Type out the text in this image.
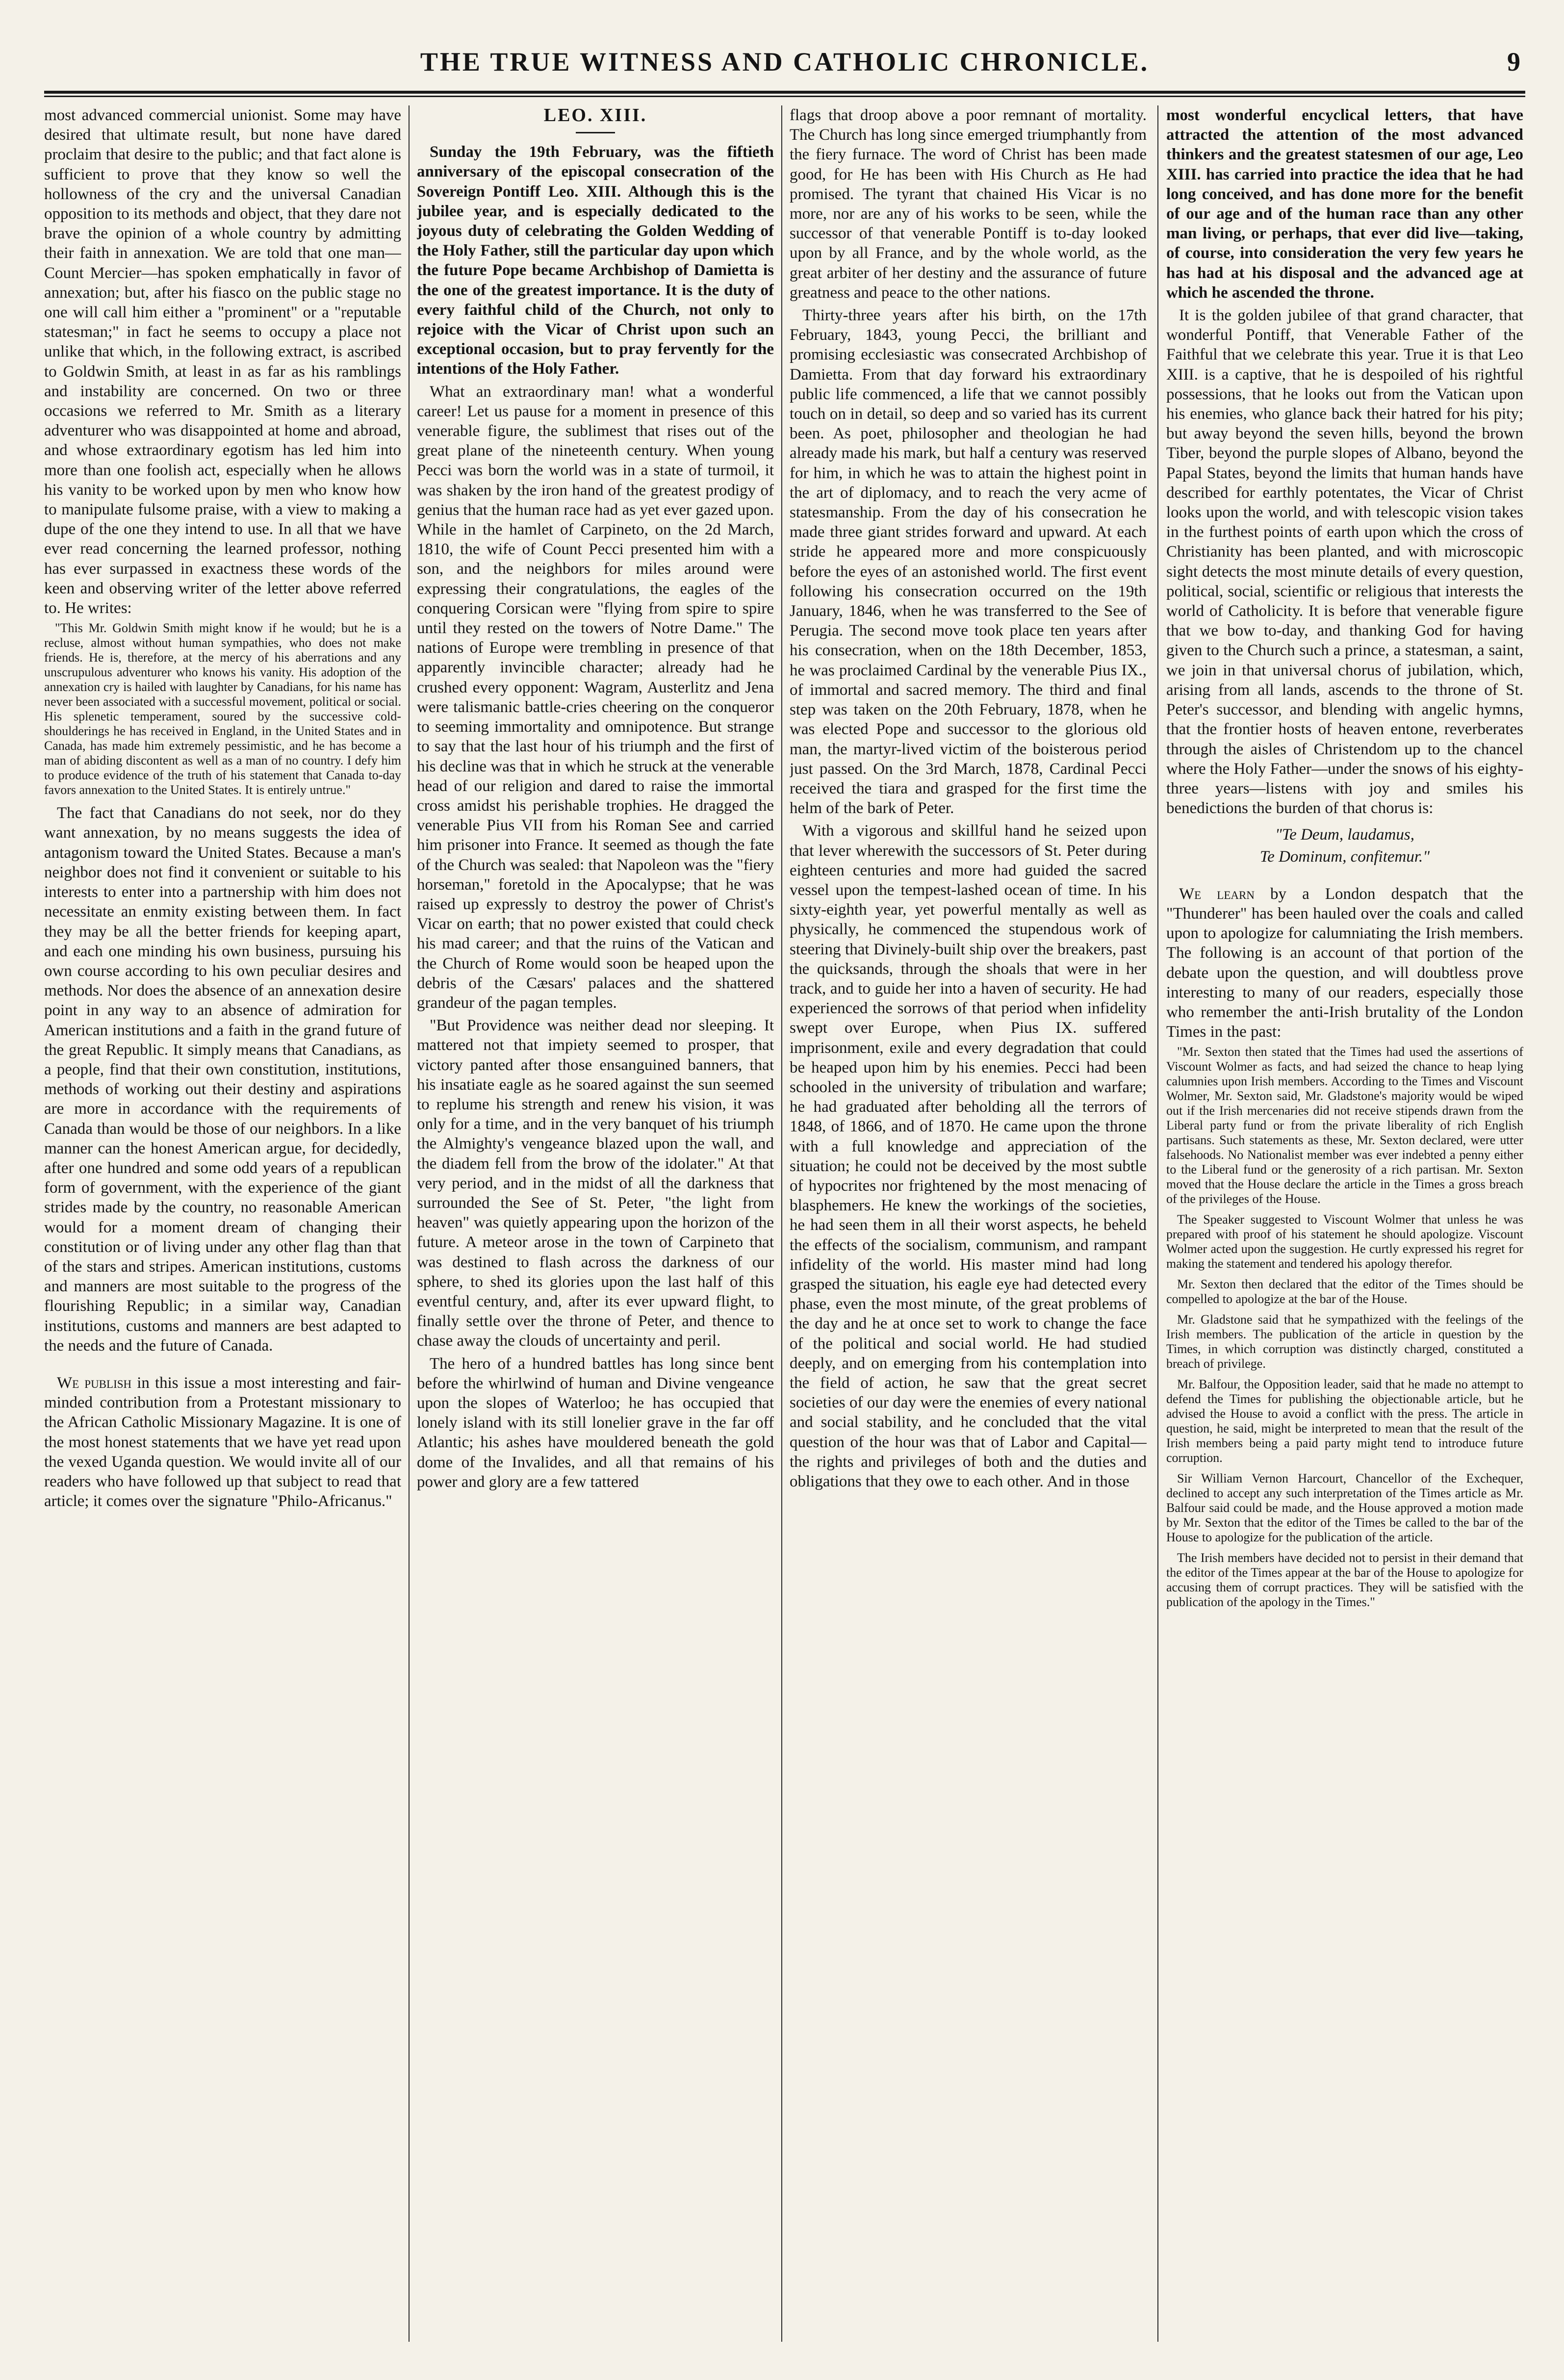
THE TRUE WITNESS AND CATHOLIC CHRONICLE.	9

most advanced commercial unionist. Some may have desired that ultimate result, but none have dared proclaim that desire to the public; and that fact alone is sufficient to prove that they know so well the hollowness of the cry and the universal Canadian opposition to its methods and object, that they dare not brave the opinion of a whole country by admitting their faith in annexation. We are told that one man—Count Mercier—has spoken emphatically in favor of annexation; but, after his fiasco on the public stage no one will call him either a "prominent" or a "reputable statesman;" in fact he seems to occupy a place not unlike that which, in the following extract, is ascribed to Goldwin Smith, at least in as far as his ramblings and instability are concerned. On two or three occasions we referred to Mr. Smith as a literary adventurer who was disappointed at home and abroad, and whose extraordinary egotism has led him into more than one foolish act, especially when he allows his vanity to be worked upon by men who know how to manipulate fulsome praise, with a view to making a dupe of the one they intend to use. In all that we have ever read concerning the learned professor, nothing has ever surpassed in exactness these words of the keen and observing writer of the letter above referred to. He writes:

"This Mr. Goldwin Smith might know if he would; but he is a recluse, almost without human sympathies, who does not make friends. He is, therefore, at the mercy of his aberrations and any unscrupulous adventurer who knows his vanity. His adoption of the annexation cry is hailed with laughter by Canadians, for his name has never been associated with a successful movement, political or social. His splenetic temperament, soured by the successive cold-shoulderings he has received in England, in the United States and in Canada, has made him extremely pessimistic, and he has become a man of abiding discontent as well as a man of no country. I defy him to produce evidence of the truth of his statement that Canada to-day favors annexation to the United States. It is entirely untrue."

The fact that Canadians do not seek, nor do they want annexation, by no means suggests the idea of antagonism toward the United States. Because a man's neighbor does not find it convenient or suitable to his interests to enter into a partnership with him does not necessitate an enmity existing between them. In fact they may be all the better friends for keeping apart, and each one minding his own business, pursuing his own course according to his own peculiar desires and methods. Nor does the absence of an annexation desire point in any way to an absence of admiration for American institutions and a faith in the grand future of the great Republic. It simply means that Canadians, as a people, find that their own constitution, institutions, methods of working out their destiny and aspirations are more in accordance with the requirements of Canada than would be those of our neighbors. In a like manner can the honest American argue, for decidedly, after one hundred and some odd years of a republican form of government, with the experience of the giant strides made by the country, no reasonable American would for a moment dream of changing their constitution or of living under any other flag than that of the stars and stripes. American institutions, customs and manners are most suitable to the progress of the flourishing Republic; in a similar way, Canadian institutions, customs and manners are best adapted to the needs and the future of Canada.

We publish in this issue a most interesting and fair-minded contribution from a Protestant missionary to the African Catholic Missionary Magazine. It is one of the most honest statements that we have yet read upon the vexed Uganda question. We would invite all of our readers who have followed up that subject to read that article; it comes over the signature "Philo-Africanus."

LEO. XIII.

Sunday the 19th February, was the fiftieth anniversary of the episcopal consecration of the Sovereign Pontiff Leo. XIII. Although this is the jubilee year, and is especially dedicated to the joyous duty of celebrating the Golden Wedding of the Holy Father, still the particular day upon which the future Pope became Archbishop of Damietta is the one of the greatest importance. It is the duty of every faithful child of the Church, not only to rejoice with the Vicar of Christ upon such an exceptional occasion, but to pray fervently for the intentions of the Holy Father.

What an extraordinary man! what a wonderful career! Let us pause for a moment in presence of this venerable figure, the sublimest that rises out of the great plane of the nineteenth century. When young Pecci was born the world was in a state of turmoil, it was shaken by the iron hand of the greatest prodigy of genius that the human race had as yet ever gazed upon. While in the hamlet of Carpineto, on the 2d March, 1810, the wife of Count Pecci presented him with a son, and the neighbors for miles around were expressing their congratulations, the eagles of the conquering Corsican were "flying from spire to spire until they rested on the towers of Notre Dame." The nations of Europe were trembling in presence of that apparently invincible character; already had he crushed every opponent: Wagram, Austerlitz and Jena were talismanic battle-cries cheering on the conqueror to seeming immortality and omnipotence. But strange to say that the last hour of his triumph and the first of his decline was that in which he struck at the venerable head of our religion and dared to raise the immortal cross amidst his perishable trophies. He dragged the venerable Pius VII from his Roman See and carried him prisoner into France. It seemed as though the fate of the Church was sealed: that Napoleon was the "fiery horseman," foretold in the Apocalypse; that he was raised up expressly to destroy the power of Christ's Vicar on earth; that no power existed that could check his mad career; and that the ruins of the Vatican and the Church of Rome would soon be heaped upon the debris of the Cæsars' palaces and the shattered grandeur of the pagan temples.

"But Providence was neither dead nor sleeping. It mattered not that impiety seemed to prosper, that victory panted after those ensanguined banners, that his insatiate eagle as he soared against the sun seemed to replume his strength and renew his vision, it was only for a time, and in the very banquet of his triumph the Almighty's vengeance blazed upon the wall, and the diadem fell from the brow of the idolater." At that very period, and in the midst of all the darkness that surrounded the See of St. Peter, "the light from heaven" was quietly appearing upon the horizon of the future. A meteor arose in the town of Carpineto that was destined to flash across the darkness of our sphere, to shed its glories upon the last half of this eventful century, and, after its ever upward flight, to finally settle over the throne of Peter, and thence to chase away the clouds of uncertainty and peril.

The hero of a hundred battles has long since bent before the whirlwind of human and Divine vengeance upon the slopes of Waterloo; he has occupied that lonely island with its still lonelier grave in the far off Atlantic; his ashes have mouldered beneath the gold dome of the Invalides, and all that remains of his power and glory are a few tattered

flags that droop above a poor remnant of mortality. The Church has long since emerged triumphantly from the fiery furnace. The word of Christ has been made good, for He has been with His Church as He had promised. The tyrant that chained His Vicar is no more, nor are any of his works to be seen, while the successor of that venerable Pontiff is to-day looked upon by all France, and by the whole world, as the great arbiter of her destiny and the assurance of future greatness and peace to the other nations.

Thirty-three years after his birth, on the 17th February, 1843, young Pecci, the brilliant and promising ecclesiastic was consecrated Archbishop of Damietta. From that day forward his extraordinary public life commenced, a life that we cannot possibly touch on in detail, so deep and so varied has its current been. As poet, philosopher and theologian he had already made his mark, but half a century was reserved for him, in which he was to attain the highest point in the art of diplomacy, and to reach the very acme of statesmanship. From the day of his consecration he made three giant strides forward and upward. At each stride he appeared more and more conspicuously before the eyes of an astonished world. The first event following his consecration occurred on the 19th January, 1846, when he was transferred to the See of Perugia. The second move took place ten years after his consecration, when on the 18th December, 1853, he was proclaimed Cardinal by the venerable Pius IX., of immortal and sacred memory. The third and final step was taken on the 20th February, 1878, when he was elected Pope and successor to the glorious old man, the martyr-lived victim of the boisterous period just passed. On the 3rd March, 1878, Cardinal Pecci received the tiara and grasped for the first time the helm of the bark of Peter.

With a vigorous and skillful hand he seized upon that lever wherewith the successors of St. Peter during eighteen centuries and more had guided the sacred vessel upon the tempest-lashed ocean of time. In his sixty-eighth year, yet powerful mentally as well as physically, he commenced the stupendous work of steering that Divinely-built ship over the breakers, past the quicksands, through the shoals that were in her track, and to guide her into a haven of security. He had experienced the sorrows of that period when infidelity swept over Europe, when Pius IX. suffered imprisonment, exile and every degradation that could be heaped upon him by his enemies. Pecci had been schooled in the university of tribulation and warfare; he had graduated after beholding all the terrors of 1848, of 1866, and of 1870. He came upon the throne with a full knowledge and appreciation of the situation; he could not be deceived by the most subtle of hypocrites nor frightened by the most menacing of blasphemers. He knew the workings of the societies, he had seen them in all their worst aspects, he beheld the effects of the socialism, communism, and rampant infidelity of the world. His master mind had long grasped the situation, his eagle eye had detected every phase, even the most minute, of the great problems of the day and he at once set to work to change the face of the political and social world. He had studied deeply, and on emerging from his contemplation into the field of action, he saw that the great secret societies of our day were the enemies of every national and social stability, and he concluded that the vital question of the hour was that of Labor and Capital—the rights and privileges of both and the duties and obligations that they owe to each other. And in those

most wonderful encyclical letters, that have attracted the attention of the most advanced thinkers and the greatest statesmen of our age, Leo XIII. has carried into practice the idea that he had long conceived, and has done more for the benefit of our age and of the human race than any other man living, or perhaps, that ever did live—taking, of course, into consideration the very few years he has had at his disposal and the advanced age at which he ascended the throne.

It is the golden jubilee of that grand character, that wonderful Pontiff, that Venerable Father of the Faithful that we celebrate this year. True it is that Leo XIII. is a captive, that he is despoiled of his rightful possessions, that he looks out from the Vatican upon his enemies, who glance back their hatred for his pity; but away beyond the seven hills, beyond the brown Tiber, beyond the purple slopes of Albano, beyond the Papal States, beyond the limits that human hands have described for earthly potentates, the Vicar of Christ looks upon the world, and with telescopic vision takes in the furthest points of earth upon which the cross of Christianity has been planted, and with microscopic sight detects the most minute details of every question, political, social, scientific or religious that interests the world of Catholicity. It is before that venerable figure that we bow to-day, and thanking God for having given to the Church such a prince, a statesman, a saint, we join in that universal chorus of jubilation, which, arising from all lands, ascends to the throne of St. Peter's successor, and blending with angelic hymns, that the frontier hosts of heaven entone, reverberates through the aisles of Christendom up to the chancel where the Holy Father—under the snows of his eighty-three years—listens with joy and smiles his benedictions the burden of that chorus is:

"Te Deum, laudamus,

Te Dominum, confitemur."

We learn by a London despatch that the "Thunderer" has been hauled over the coals and called upon to apologize for calumniating the Irish members. The following is an account of that portion of the debate upon the question, and will doubtless prove interesting to many of our readers, especially those who remember the anti-Irish brutality of the London Times in the past:

"Mr. Sexton then stated that the Times had used the assertions of Viscount Wolmer as facts, and had seized the chance to heap lying calumnies upon Irish members. According to the Times and Viscount Wolmer, Mr. Sexton said, Mr. Gladstone's majority would be wiped out if the Irish mercenaries did not receive stipends drawn from the Liberal party fund or from the private liberality of rich English partisans. Such statements as these, Mr. Sexton declared, were utter falsehoods. No Nationalist member was ever indebted a penny either to the Liberal fund or the generosity of a rich partisan. Mr. Sexton moved that the House declare the article in the Times a gross breach of the privileges of the House.

The Speaker suggested to Viscount Wolmer that unless he was prepared with proof of his statement he should apologize. Viscount Wolmer acted upon the suggestion. He curtly expressed his regret for making the statement and tendered his apology therefor.

Mr. Sexton then declared that the editor of the Times should be compelled to apologize at the bar of the House.

Mr. Gladstone said that he sympathized with the feelings of the Irish members. The publication of the article in question by the Times, in which corruption was distinctly charged, constituted a breach of privilege.

Mr. Balfour, the Opposition leader, said that he made no attempt to defend the Times for publishing the objectionable article, but he advised the House to avoid a conflict with the press. The article in question, he said, might be interpreted to mean that the result of the Irish members being a paid party might tend to introduce future corruption.

Sir William Vernon Harcourt, Chancellor of the Exchequer, declined to accept any such interpretation of the Times article as Mr. Balfour said could be made, and the House approved a motion made by Mr. Sexton that the editor of the Times be called to the bar of the House to apologize for the publication of the article.

The Irish members have decided not to persist in their demand that the editor of the Times appear at the bar of the House to apologize for accusing them of corrupt practices. They will be satisfied with the publication of the apology in the Times."
